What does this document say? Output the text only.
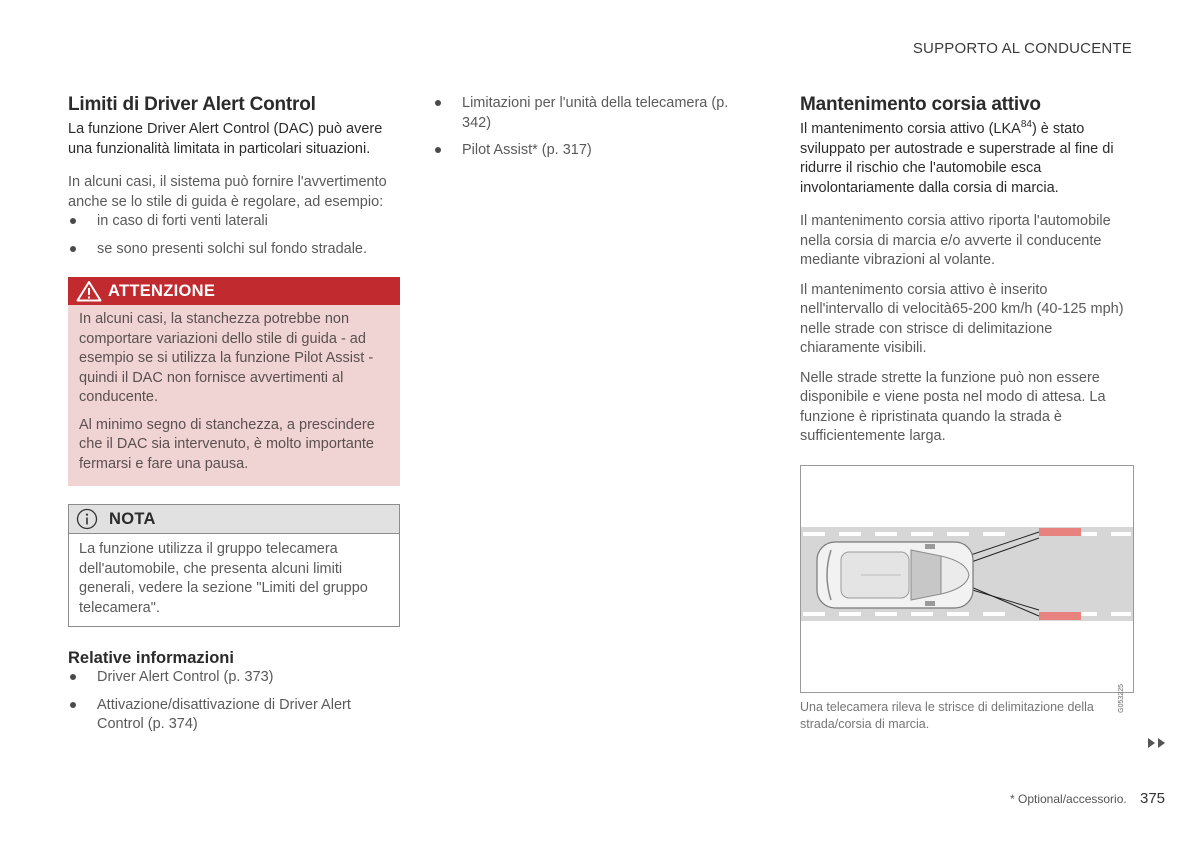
SUPPORTO AL CONDUCENTE
Limiti di Driver Alert Control

La funzione Driver Alert Control (DAC) può avere una funzionalità limitata in particolari situazioni.

In alcuni casi, il sistema può fornire l'avvertimento anche se lo stile di guida è regolare, ad esempio:

in caso di forti venti laterali
se sono presenti solchi sul fondo stradale.
ATTENZIONE

In alcuni casi, la stanchezza potrebbe non comportare variazioni dello stile di guida - ad esempio se si utilizza la funzione Pilot Assist - quindi il DAC non fornisce avvertimenti al conducente.

Al minimo segno di stanchezza, a prescindere che il DAC sia intervenuto, è molto importante fermarsi e fare una pausa.

NOTA

La funzione utilizza il gruppo telecamera dell'automobile, che presenta alcuni limiti generali, vedere la sezione "Limiti del gruppo telecamera".

Relative informazioni
Driver Alert Control (p. 373)
Attivazione/disattivazione di Driver Alert Control (p. 374)
Limitazioni per l'unità della telecamera (p. 342)
Pilot Assist* (p. 317)
Mantenimento corsia attivo

Il mantenimento corsia attivo (LKA$^{84}$) è stato sviluppato per autostrade e superstrade al fine di ridurre il rischio che l'automobile esca involontariamente dalla corsia di marcia.

Il mantenimento corsia attivo riporta l'automobile nella corsia di marcia e/o avverte il conducente mediante vibrazioni al volante.

Il mantenimento corsia attivo è inserito nell'intervallo di velocità65-200 km/h (40-125 mph) nelle strade con strisce di delimitazione chiaramente visibili.

Nelle strade strette la funzione può non essere disponibile e viene posta nel modo di attesa. La funzione è ripristinata quando la strada è sufficientemente larga.

G053225
Una telecamera rileva le strisce di delimitazione della strada/corsia di marcia.
* Optional/accessorio. 375
